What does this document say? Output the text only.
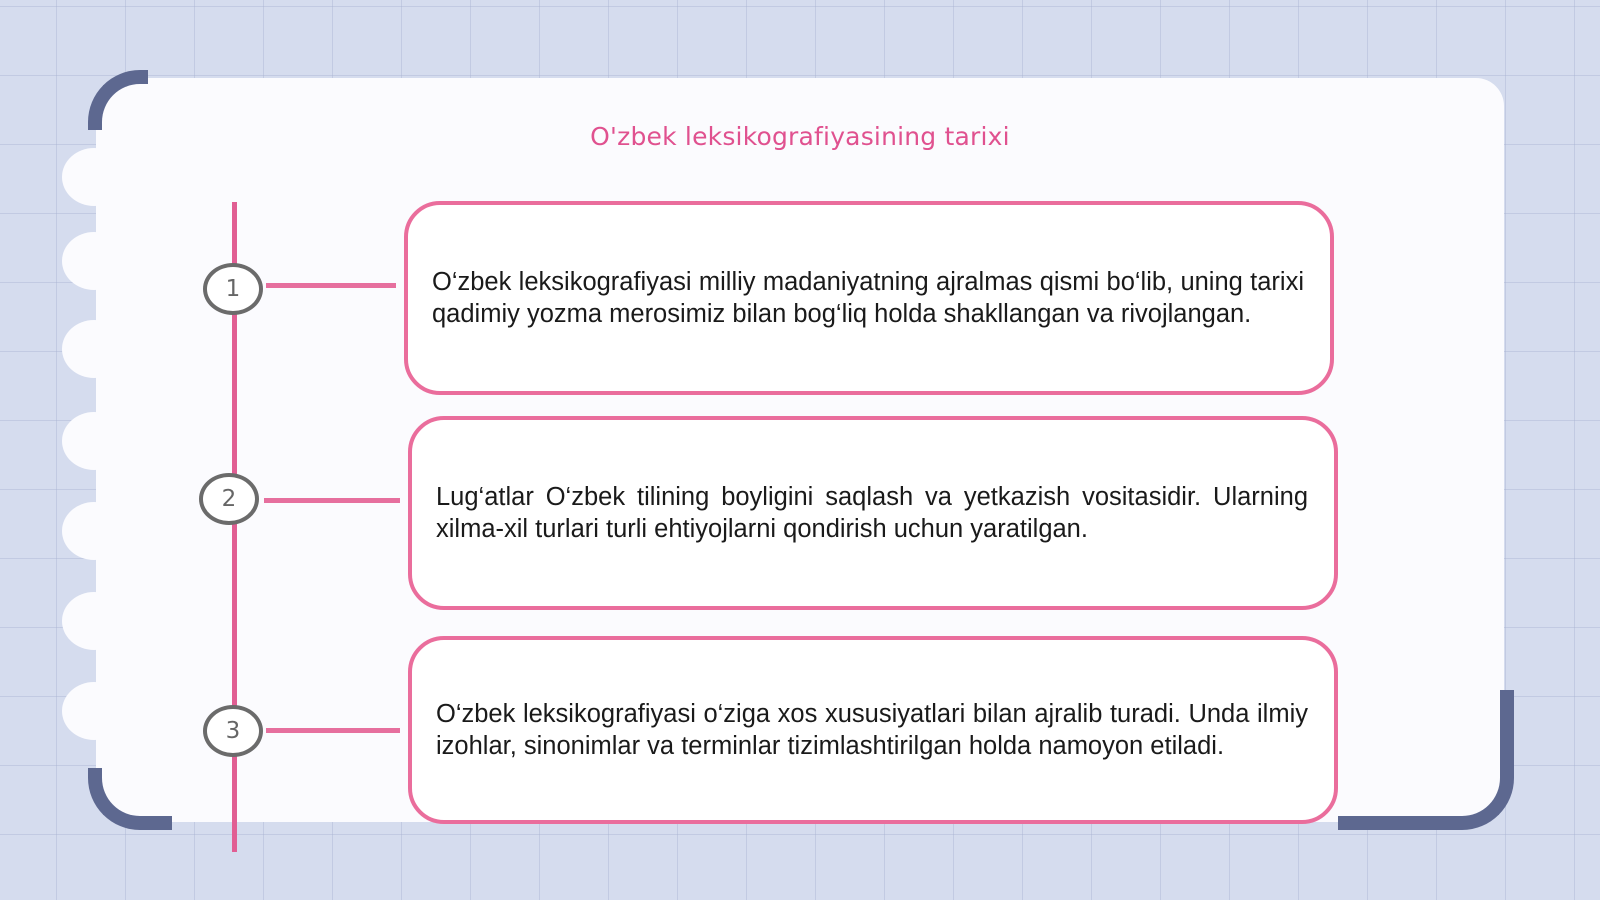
O'zbek leksikografiyasining tarixi
1	O‘zbek leksikografiyasi milliy madaniyatning ajralmas qismi bo‘lib, uning tarixi qadimiy yozma merosimiz bilan bog‘liq holda shakllangan va rivojlangan.
2	Lug‘atlar O‘zbek tilining boyligini saqlash va yetkazish vositasidir. Ularning xilma-xil turlari turli ehtiyojlarni qondirish uchun yaratilgan.
3
O‘zbek leksikografiyasi o‘ziga xos xususiyatlari bilan ajralib turadi. Unda ilmiy izohlar, sinonimlar va terminlar tizimlashtirilgan holda namoyon etiladi.
